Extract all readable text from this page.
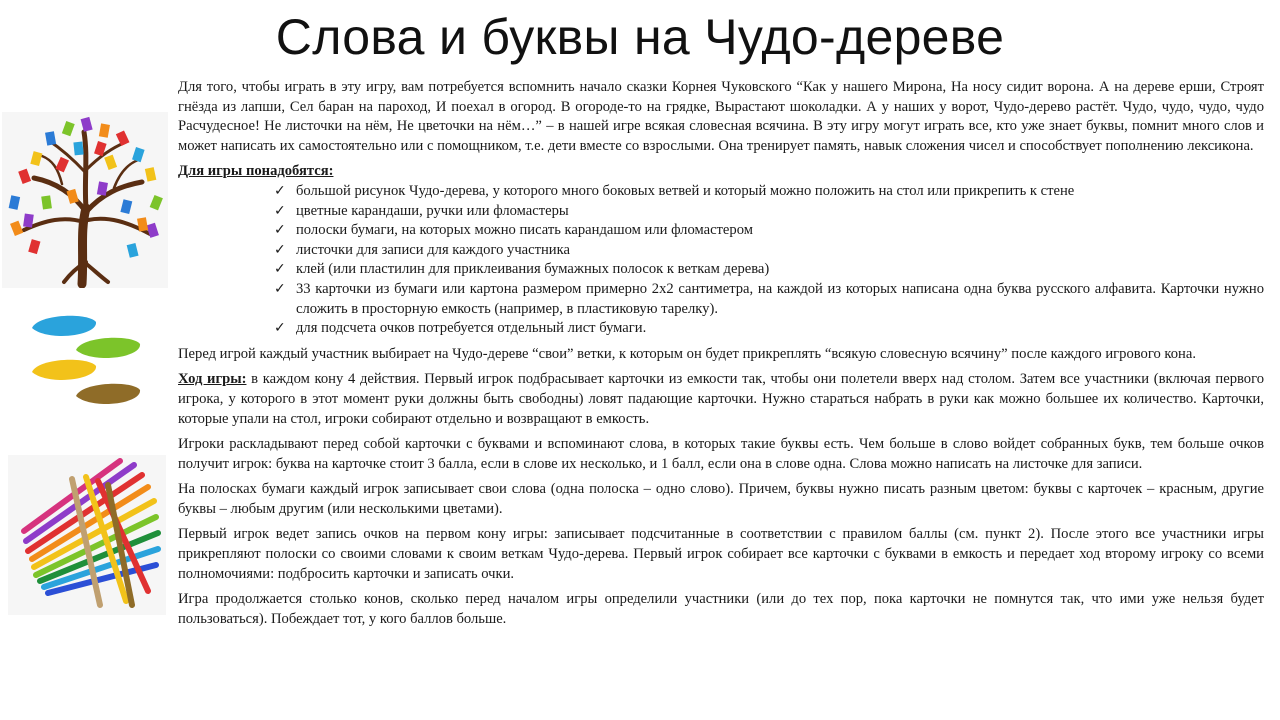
Слова и буквы на Чудо-дереве

Для того, чтобы играть в эту игру, вам потребуется вспомнить начало сказки Корнея Чуковского “Как у нашего Мирона, На носу сидит ворона. А на дереве ерши, Строят гнёзда из лапши, Сел баран на пароход, И поехал в огород. В огороде-то на грядке, Вырастают шоколадки. А у наших у ворот, Чудо-дерево растёт. Чудо, чудо, чудо, чудо Расчудесное! Не листочки на нём, Не цветочки на нём…” – в нашей игре всякая словесная всячина. В эту игру могут играть все, кто уже знает буквы, помнит много слов и может написать их самостоятельно или с помощником, т.е. дети вместе со взрослыми. Она тренирует память, навык сложения чисел и способствует пополнению лексикона.

Для игры понадобятся:
✓ большой рисунок Чудо-дерева, у которого много боковых ветвей и который можно положить на стол или прикрепить к стене
✓ цветные карандаши, ручки или фломастеры
✓ полоски бумаги, на которых можно писать карандашом или фломастером
✓ листочки для записи для каждого участника
✓ клей (или пластилин для приклеивания бумажных полосок к веткам дерева)
✓ 33 карточки из бумаги или картона размером примерно 2х2 сантиметра, на каждой из которых написана одна буква русского алфавита. Карточки нужно сложить в просторную емкость (например, в пластиковую тарелку).
✓ для подсчета очков потребуется отдельный лист бумаги.

Перед игрой каждый участник выбирает на Чудо-дереве “свои” ветки, к которым он будет прикреплять “всякую словесную всячину” после каждого игрового кона.

Ход игры: в каждом кону 4 действия. Первый игрок подбрасывает карточки из емкости так, чтобы они полетели вверх над столом. Затем все участники (включая первого игрока, у которого в этот момент руки должны быть свободны) ловят падающие карточки. Нужно стараться набрать в руки как можно большее их количество. Карточки, которые упали на стол, игроки собирают отдельно и возвращают в емкость.

Игроки раскладывают перед собой карточки с буквами и вспоминают слова, в которых такие буквы есть. Чем больше в слово войдет собранных букв, тем больше очков получит игрок: буква на карточке стоит 3 балла, если в слове их несколько, и 1 балл, если она в слове одна. Слова можно написать на листочке для записи.

На полосках бумаги каждый игрок записывает свои слова (одна полоска – одно слово). Причем, буквы нужно писать разным цветом: буквы с карточек – красным, другие буквы – любым другим (или несколькими цветами).

Первый игрок ведет запись очков на первом кону игры: записывает подсчитанные в соответствии с правилом баллы (см. пункт 2). После этого все участники игры прикрепляют полоски со своими словами к своим веткам Чудо-дерева. Первый игрок собирает все карточки с буквами в емкость и передает ход второму игроку со всеми полномочиями: подбросить карточки и записать очки.

Игра продолжается столько конов, сколько перед началом игры определили участники (или до тех пор, пока карточки не помнутся так, что ими уже нельзя будет пользоваться). Побеждает тот, у кого баллов больше.
